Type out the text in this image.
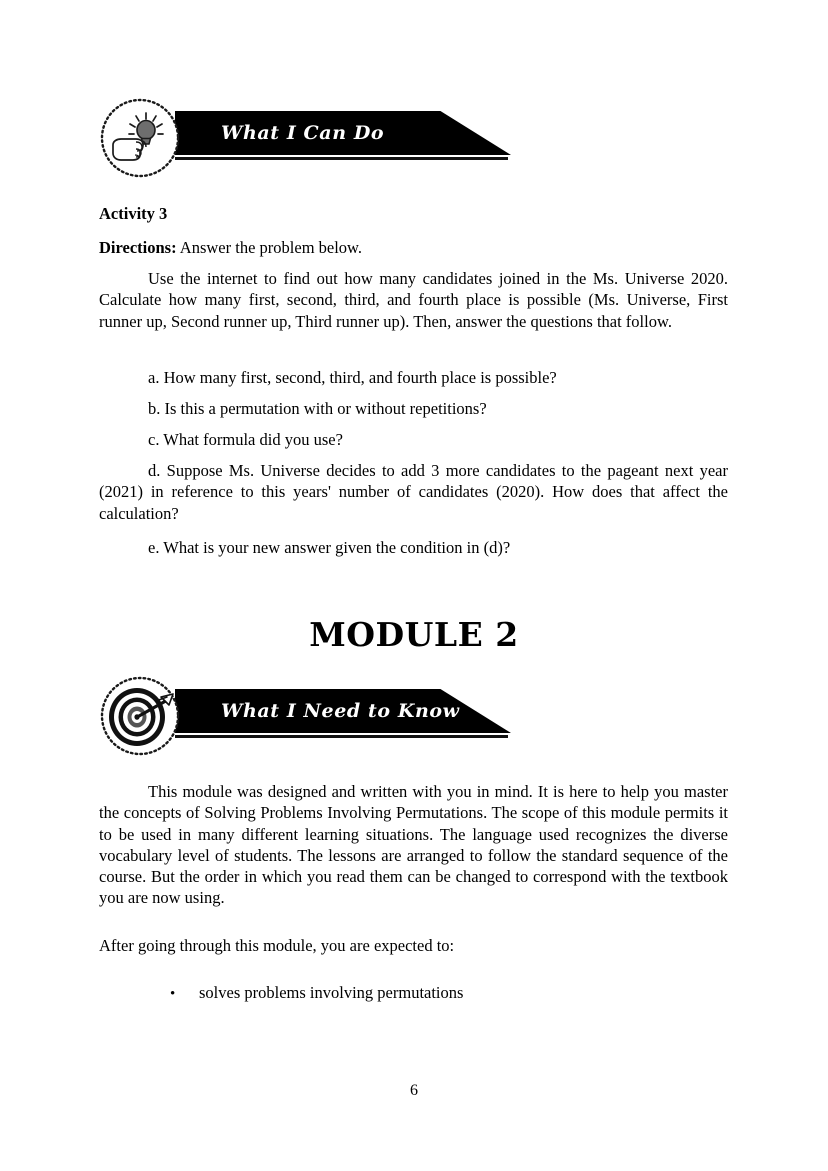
What I Can Do
Activity 3
Directions: Answer the problem below.
Use the internet to find out how many candidates joined in the Ms. Universe 2020. Calculate how many first, second, third, and fourth place is possible (Ms. Universe, First runner up, Second runner up, Third runner up). Then, answer the questions that follow.
a. How many first, second, third, and fourth place is possible?
b. Is this a permutation with or without repetitions?
c. What formula did you use?
d. Suppose Ms. Universe decides to add 3 more candidates to the pageant next year (2021) in reference to this years' number of candidates (2020). How does that affect the calculation?
e. What is your new answer given the condition in (d)?
MODULE 2
What I Need to Know
This module was designed and written with you in mind. It is here to help you master the concepts of Solving Problems Involving Permutations. The scope of this module permits it to be used in many different learning situations. The language used recognizes the diverse vocabulary level of students. The lessons are arranged to follow the standard sequence of the course. But the order in which you read them can be changed to correspond with the textbook you are now using.
After going through this module, you are expected to:
•	solves problems involving permutations
6
